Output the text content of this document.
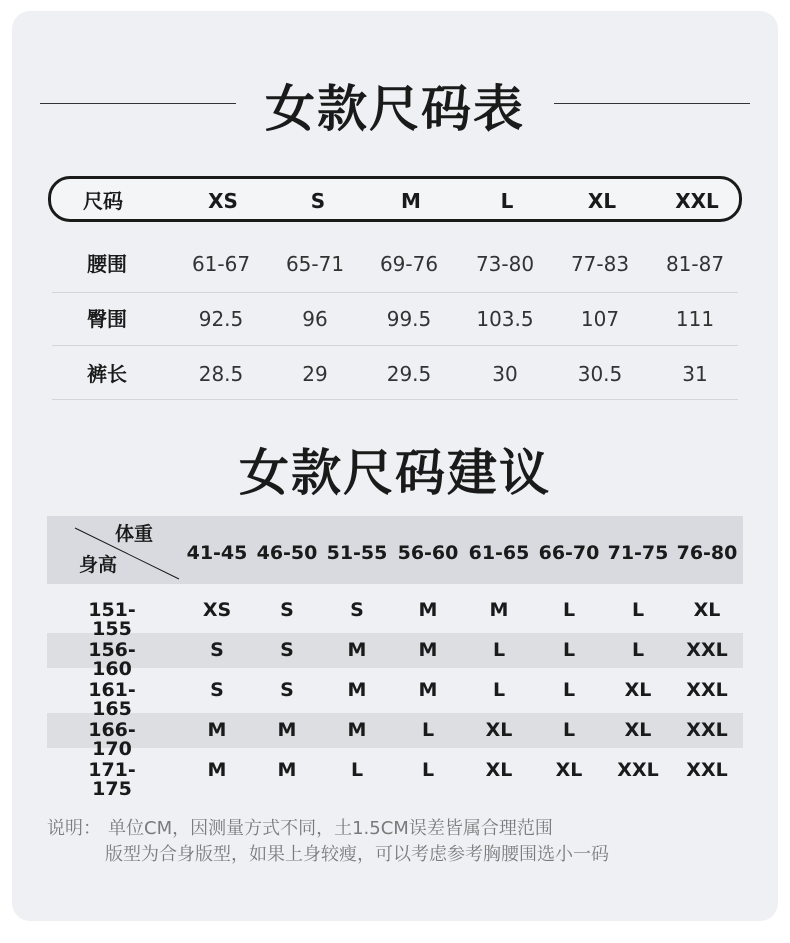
女款尺码表
尺码	XS	S	M	L	XL	XXL
腰围	61-67 65-71 69-76 73-80 77-83 81-87
臀围	92.5	96	99.5	103.5	107	111
裤长	28.5	29	29.5	30	30.5	31
女款尺码建议
体重
身高
41-45 46-50 51-55 56-60 61-65 66-70 71-75 76-80
151-155
XS	S	S	M	M	L	L	XL
156-160
S	S	M	M	L	L	L	XXL
161-165
S	S	M	M	L	L	XL	XXL
166-170
M	M	M	L	XL	L	XL	XXL
171-175
M	M	L	L	XL	XL	XXL	XXL
说明： 单位CM，因测量方式不同，土1.5CM误差皆属合理范围
版型为合身版型，如果上身较瘦，可以考虑参考胸腰围选小一码
